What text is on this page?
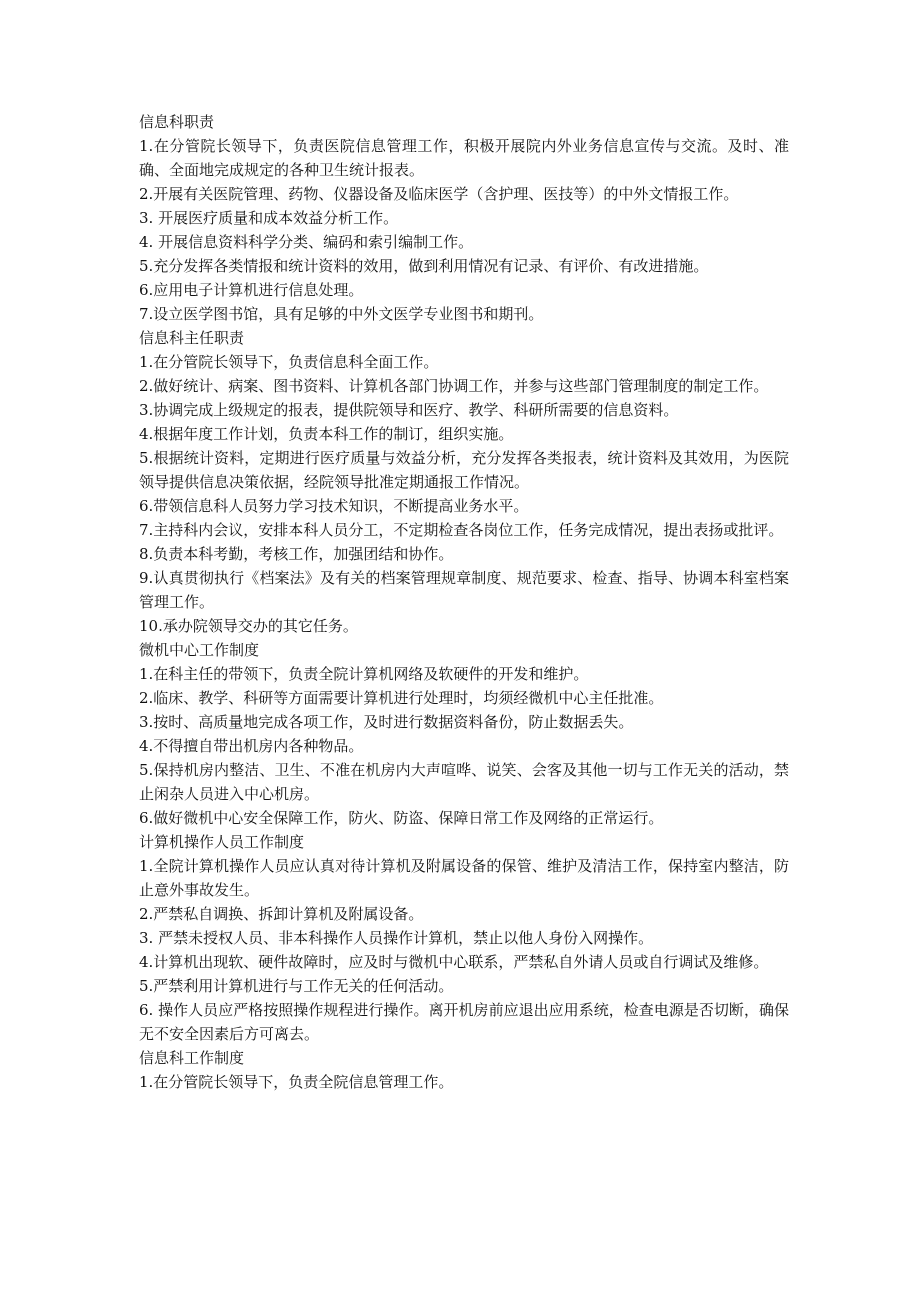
信息科职责

1.在分管院长领导下，负责医院信息管理工作，积极开展院内外业务信息宣传与交流。及时、准确、全面地完成规定的各种卫生统计报表。

2.开展有关医院管理、药物、仪器设备及临床医学（含护理、医技等）的中外文情报工作。

3. 开展医疗质量和成本效益分析工作。

4. 开展信息资料科学分类、编码和索引编制工作。

5.充分发挥各类情报和统计资料的效用，做到利用情况有记录、有评价、有改进措施。

6.应用电子计算机进行信息处理。

7.设立医学图书馆，具有足够的中外文医学专业图书和期刊。

信息科主任职责

1.在分管院长领导下，负责信息科全面工作。

2.做好统计、病案、图书资料、计算机各部门协调工作，并参与这些部门管理制度的制定工作。

3.协调完成上级规定的报表，提供院领导和医疗、教学、科研所需要的信息资料。

4.根据年度工作计划，负责本科工作的制订，组织实施。

5.根据统计资料，定期进行医疗质量与效益分析，充分发挥各类报表，统计资料及其效用，为医院领导提供信息决策依据，经院领导批准定期通报工作情况。

6.带领信息科人员努力学习技术知识，不断提高业务水平。

7.主持科内会议，安排本科人员分工，不定期检查各岗位工作，任务完成情况，提出表扬或批评。

8.负责本科考勤，考核工作，加强团结和协作。

9.认真贯彻执行《档案法》及有关的档案管理规章制度、规范要求、检查、指导、协调本科室档案管理工作。

10.承办院领导交办的其它任务。

微机中心工作制度

1.在科主任的带领下，负责全院计算机网络及软硬件的开发和维护。

2.临床、教学、科研等方面需要计算机进行处理时，均须经微机中心主任批准。

3.按时、高质量地完成各项工作，及时进行数据资料备份，防止数据丢失。

4.不得擅自带出机房内各种物品。

5.保持机房内整洁、卫生、不准在机房内大声喧哗、说笑、会客及其他一切与工作无关的活动，禁止闲杂人员进入中心机房。

6.做好微机中心安全保障工作，防火、防盗、保障日常工作及网络的正常运行。

计算机操作人员工作制度

1.全院计算机操作人员应认真对待计算机及附属设备的保管、维护及清洁工作，保持室内整洁，防止意外事故发生。

2.严禁私自调换、拆卸计算机及附属设备。

3. 严禁未授权人员、非本科操作人员操作计算机，禁止以他人身份入网操作。

4.计算机出现软、硬件故障时，应及时与微机中心联系，严禁私自外请人员或自行调试及维修。

5.严禁利用计算机进行与工作无关的任何活动。

6. 操作人员应严格按照操作规程进行操作。离开机房前应退出应用系统，检查电源是否切断，确保无不安全因素后方可离去。

信息科工作制度

1.在分管院长领导下，负责全院信息管理工作。
